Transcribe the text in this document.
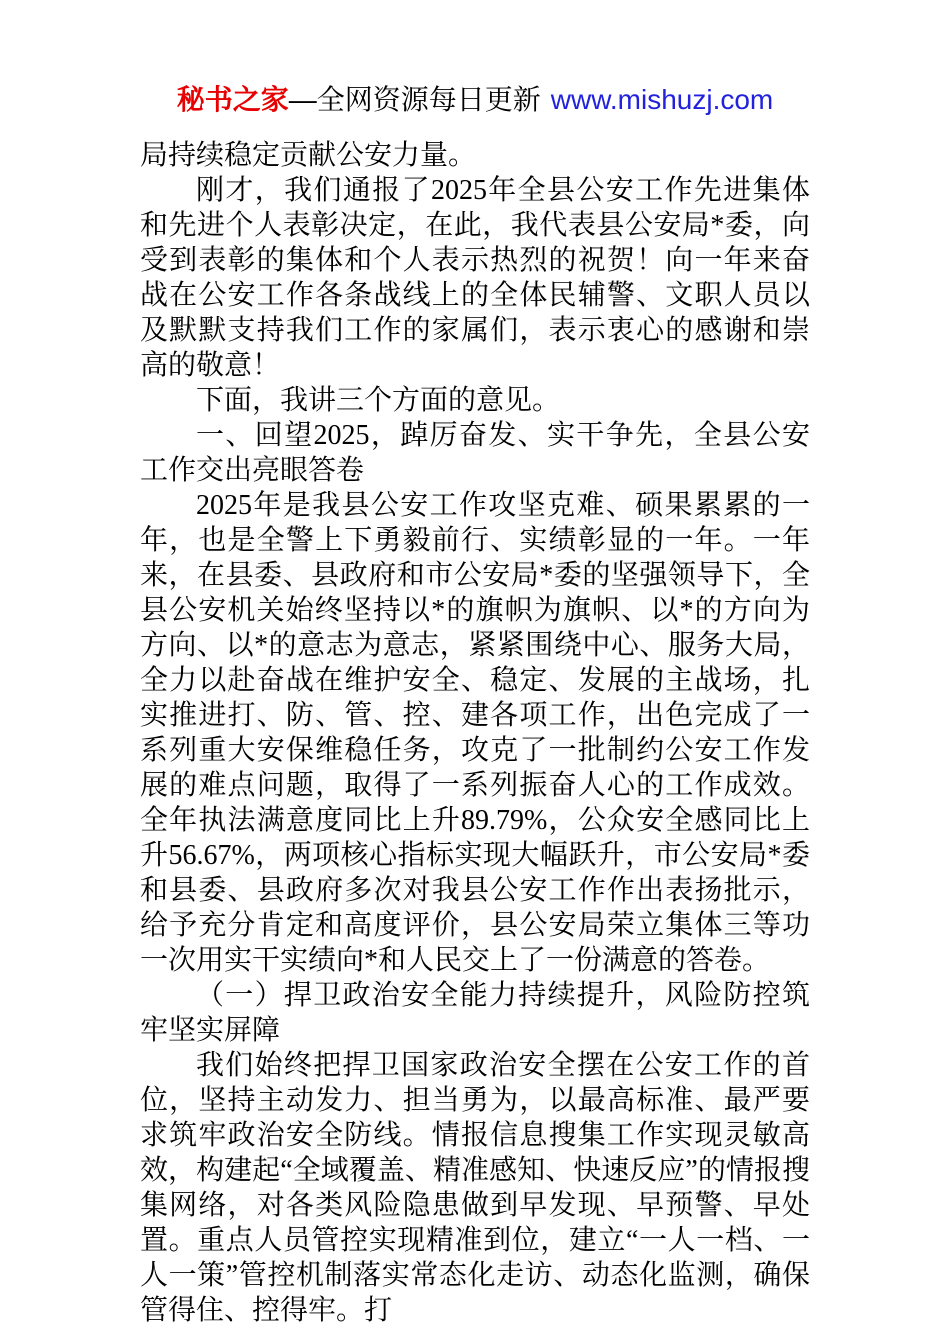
秘书之家—全网资源每日更新 www.mishuzj.com

局持续稳定贡献公安力量。

刚才，我们通报了2025年全县公安工作先进集体和先进个人表彰决定，在此，我代表县公安局*委，向受到表彰的集体和个人表示热烈的祝贺！向一年来奋战在公安工作各条战线上的全体民辅警、文职人员以及默默支持我们工作的家属们，表示衷心的感谢和崇高的敬意！

下面，我讲三个方面的意见。

一、回望2025，踔厉奋发、实干争先，全县公安工作交出亮眼答卷

2025年是我县公安工作攻坚克难、硕果累累的一年，也是全警上下勇毅前行、实绩彰显的一年。一年来，在县委、县政府和市公安局*委的坚强领导下，全县公安机关始终坚持以*的旗帜为旗帜、以*的方向为方向、以*的意志为意志，紧紧围绕中心、服务大局，全力以赴奋战在维护安全、稳定、发展的主战场，扎实推进打、防、管、控、建各项工作，出色完成了一系列重大安保维稳任务，攻克了一批制约公安工作发展的难点问题，取得了一系列振奋人心的工作成效。全年执法满意度同比上升89.79%，公众安全感同比上升56.67%，两项核心指标实现大幅跃升，市公安局*委和县委、县政府多次对我县公安工作作出表扬批示，给予充分肯定和高度评价，县公安局荣立集体三等功一次用实干实绩向*和人民交上了一份满意的答卷。

（一）捍卫政治安全能力持续提升，风险防控筑牢坚实屏障

我们始终把捍卫国家政治安全摆在公安工作的首位，坚持主动发力、担当勇为，以最高标准、最严要求筑牢政治安全防线。情报信息搜集工作实现灵敏高效，构建起“全域覆盖、精准感知、快速反应”的情报搜集网络，对各类风险隐患做到早发现、早预警、早处置。重点人员管控实现精准到位，建立“一人一档、一人一策”管控机制落实常态化走访、动态化监测，确保管得住、控得牢。打
